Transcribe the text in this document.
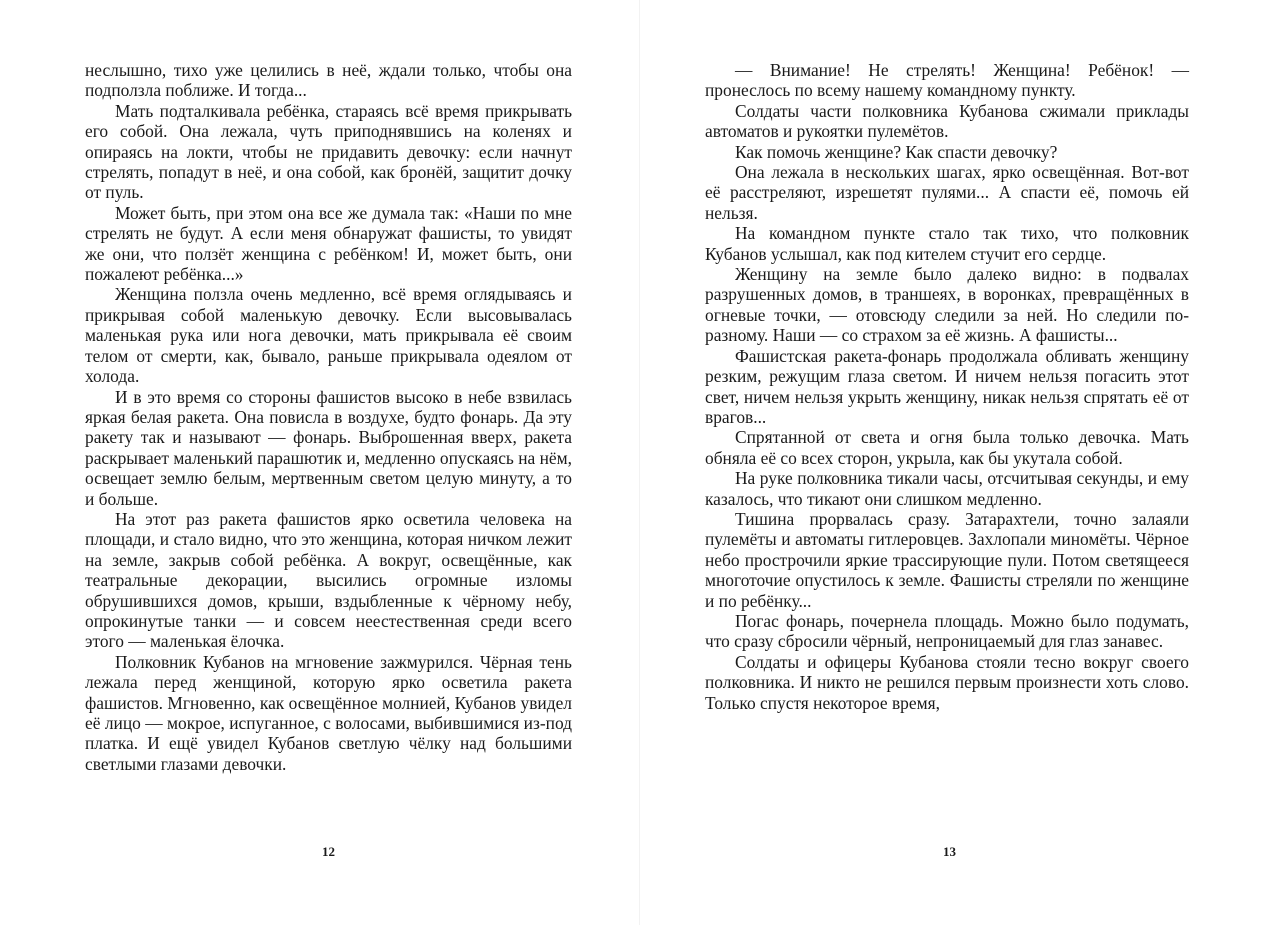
неслышно, тихо уже целились в неё, ждали только, чтобы она подползла поближе. И тогда...

Мать подталкивала ребёнка, стараясь всё время прикрывать его собой. Она лежала, чуть приподнявшись на коленях и опираясь на локти, чтобы не придавить девочку: если начнут стрелять, попадут в неё, и она собой, как бронёй, защитит дочку от пуль.

Может быть, при этом она все же думала так: «Наши по мне стрелять не будут. А если меня обнаружат фашисты, то увидят же они, что ползёт женщина с ребёнком! И, может быть, они пожалеют ребёнка...»

Женщина ползла очень медленно, всё время оглядываясь и прикрывая собой маленькую девочку. Если высовывалась маленькая рука или нога девочки, мать прикрывала её своим телом от смерти, как, бывало, раньше прикрывала одеялом от холода.

И в это время со стороны фашистов высоко в небе взвилась яркая белая ракета. Она повисла в воздухе, будто фонарь. Да эту ракету так и называют — фонарь. Выброшенная вверх, ракета раскрывает маленький парашютик и, медленно опускаясь на нём, освещает землю белым, мертвенным светом целую минуту, а то и больше.

На этот раз ракета фашистов ярко осветила человека на площади, и стало видно, что это женщина, которая ничком лежит на земле, закрыв собой ребёнка. А вокруг, освещённые, как театральные декорации, высились огромные изломы обрушившихся домов, крыши, вздыбленные к чёрному небу, опрокинутые танки — и совсем неестественная среди всего этого — маленькая ёлочка.

Полковник Кубанов на мгновение зажмурился. Чёрная тень лежала перед женщиной, которую ярко осветила ракета фашистов. Мгновенно, как освещённое молнией, Кубанов увидел её лицо — мокрое, испуганное, с волосами, выбившимися из-под платка. И ещё увидел Кубанов светлую чёлку над большими светлыми глазами девочки.

12

— Внимание! Не стрелять! Женщина! Ребёнок! — пронеслось по всему нашему командному пункту.

Солдаты части полковника Кубанова сжимали приклады автоматов и рукоятки пулемётов.

Как помочь женщине? Как спасти девочку?

Она лежала в нескольких шагах, ярко освещённая. Вот-вот её расстреляют, изрешетят пулями... А спасти её, помочь ей нельзя.

На командном пункте стало так тихо, что полковник Кубанов услышал, как под кителем стучит его сердце.

Женщину на земле было далеко видно: в подвалах разрушенных домов, в траншеях, в воронках, превращённых в огневые точки, — отовсюду следили за ней. Но следили по-разному. Наши — со страхом за её жизнь. А фашисты...

Фашистская ракета-фонарь продолжала обливать женщину резким, режущим глаза светом. И ничем нельзя погасить этот свет, ничем нельзя укрыть женщину, никак нельзя спрятать её от врагов...

Спрятанной от света и огня была только девочка. Мать обняла её со всех сторон, укрыла, как бы укутала собой.

На руке полковника тикали часы, отсчитывая секунды, и ему казалось, что тикают они слишком медленно.

Тишина прорвалась сразу. Затарахтели, точно залаяли пулемёты и автоматы гитлеровцев. Захлопали миномёты. Чёрное небо прострочили яркие трассирующие пули. Потом светящееся многоточие опустилось к земле. Фашисты стреляли по женщине и по ребёнку...

Погас фонарь, почернела площадь. Можно было подумать, что сразу сбросили чёрный, непроницаемый для глаз занавес.

Солдаты и офицеры Кубанова стояли тесно вокруг своего полковника. И никто не решился первым произнести хоть слово. Только спустя некоторое время,

13
